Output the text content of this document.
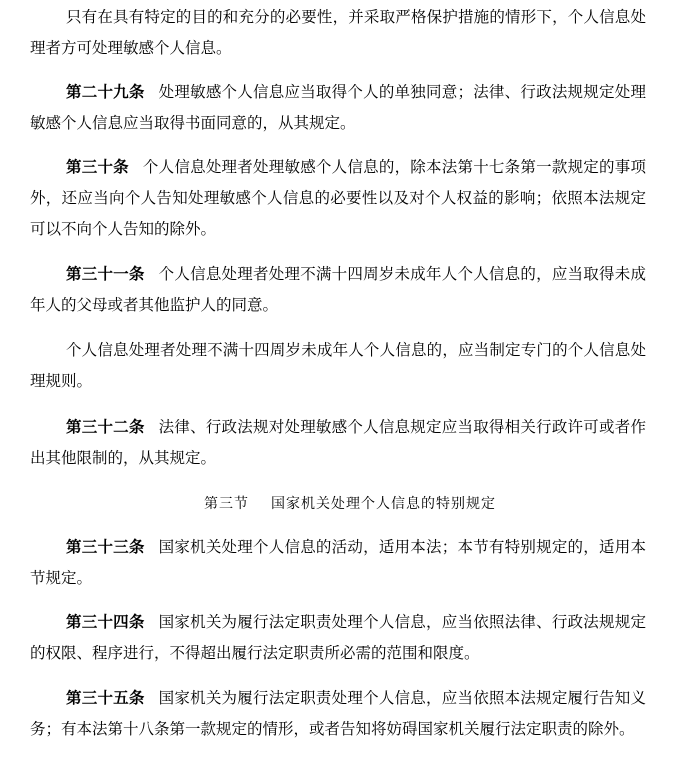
只有在具有特定的目的和充分的必要性，并采取严格保护措施的情形下，个人信息处理者方可处理敏感个人信息。

第二十九条 处理敏感个人信息应当取得个人的单独同意；法律、行政法规规定处理敏感个人信息应当取得书面同意的，从其规定。

第三十条 个人信息处理者处理敏感个人信息的，除本法第十七条第一款规定的事项外，还应当向个人告知处理敏感个人信息的必要性以及对个人权益的影响；依照本法规定可以不向个人告知的除外。

第三十一条 个人信息处理者处理不满十四周岁未成年人个人信息的，应当取得未成年人的父母或者其他监护人的同意。

个人信息处理者处理不满十四周岁未成年人个人信息的，应当制定专门的个人信息处理规则。

第三十二条 法律、行政法规对处理敏感个人信息规定应当取得相关行政许可或者作出其他限制的，从其规定。

第三节 国家机关处理个人信息的特别规定

第三十三条 国家机关处理个人信息的活动，适用本法；本节有特别规定的，适用本节规定。

第三十四条 国家机关为履行法定职责处理个人信息，应当依照法律、行政法规规定的权限、程序进行，不得超出履行法定职责所必需的范围和限度。

第三十五条 国家机关为履行法定职责处理个人信息，应当依照本法规定履行告知义务；有本法第十八条第一款规定的情形，或者告知将妨碍国家机关履行法定职责的除外。
